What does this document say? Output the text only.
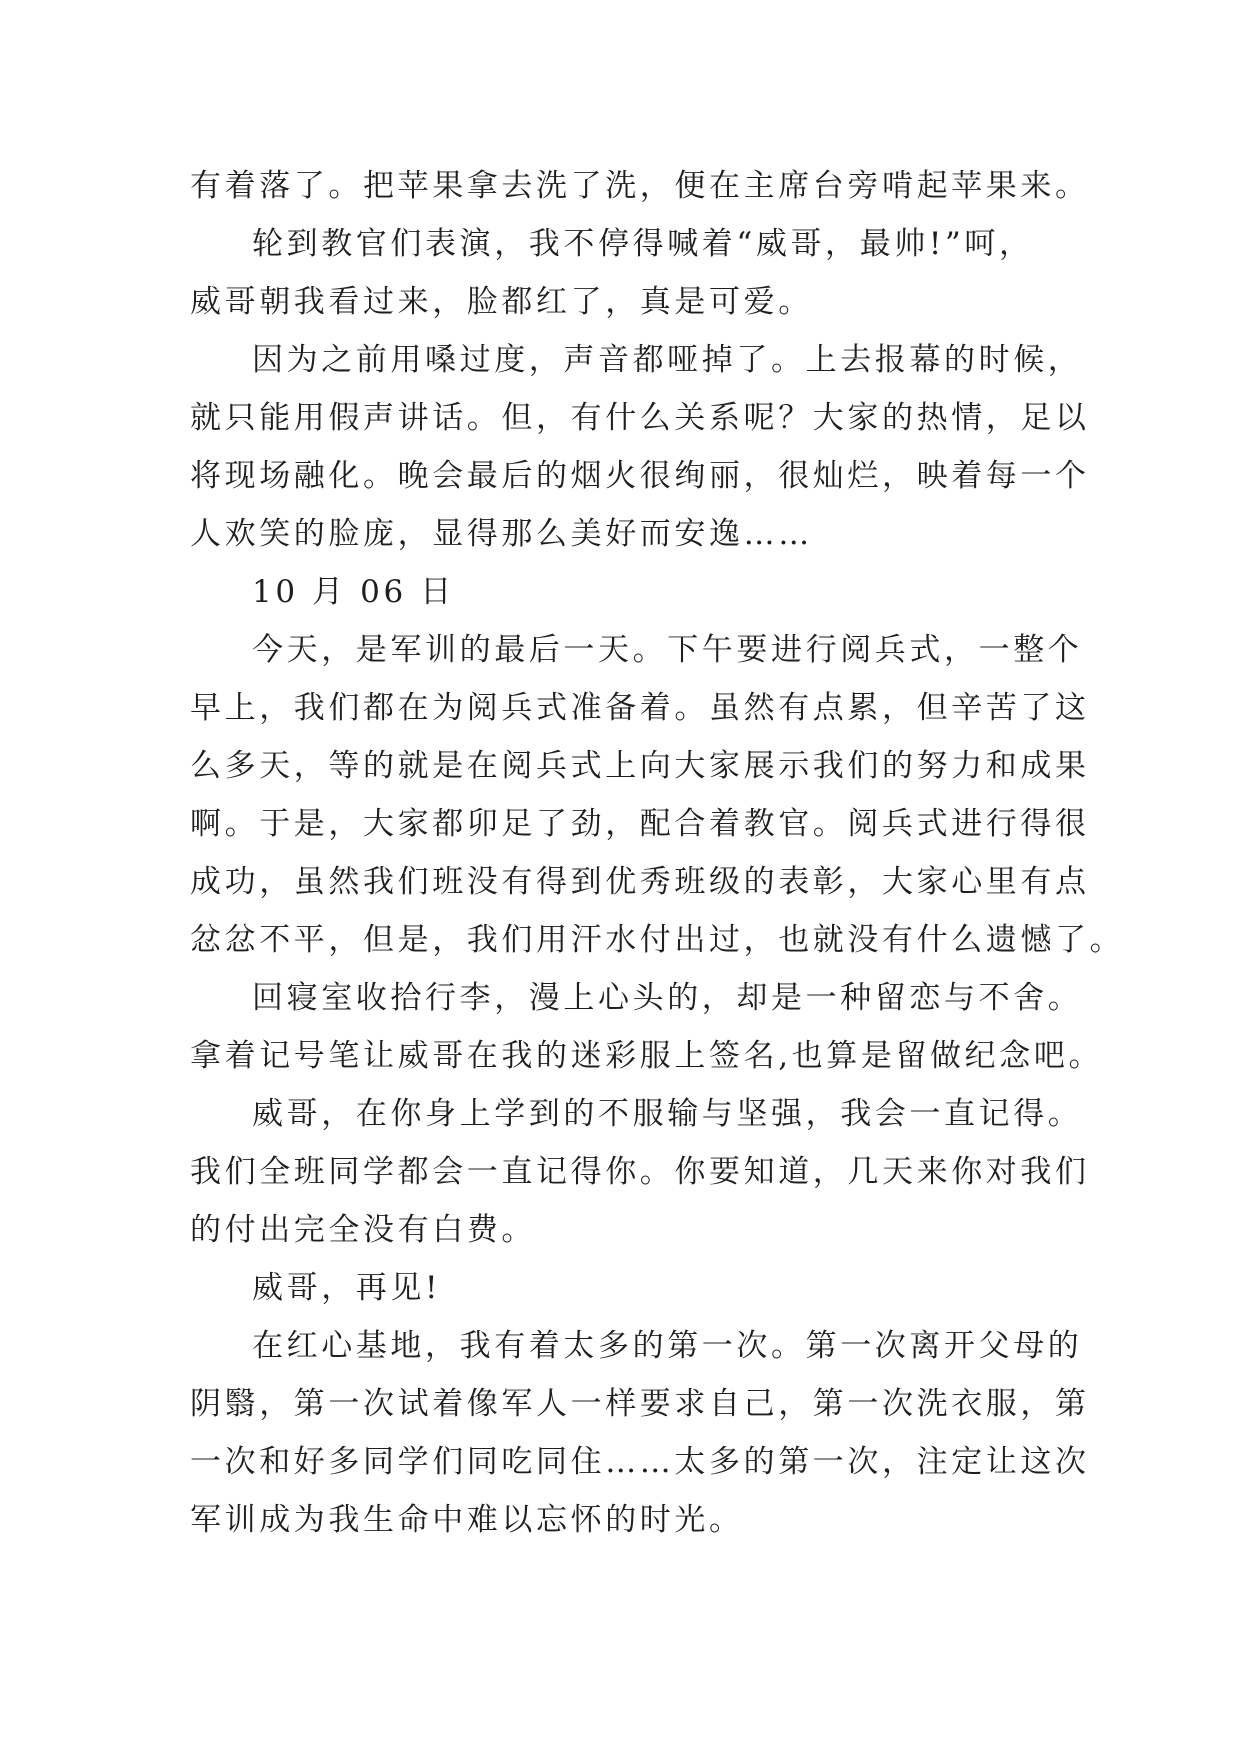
有着落了。把苹果拿去洗了洗，便在主席台旁啃起苹果来。

轮到教官们表演，我不停得喊着“威哥，最帅!”呵，

威哥朝我看过来，脸都红了，真是可爱。

因为之前用嗓过度，声音都哑掉了。上去报幕的时候，

就只能用假声讲话。但，有什么关系呢？大家的热情，足以

将现场融化。晚会最后的烟火很绚丽，很灿烂，映着每一个

人欢笑的脸庞，显得那么美好而安逸……

10 月 06 日

今天，是军训的最后一天。下午要进行阅兵式，一整个

早上，我们都在为阅兵式准备着。虽然有点累，但辛苦了这

么多天，等的就是在阅兵式上向大家展示我们的努力和成果

啊。于是，大家都卯足了劲，配合着教官。阅兵式进行得很

成功，虽然我们班没有得到优秀班级的表彰，大家心里有点

忿忿不平，但是，我们用汗水付出过，也就没有什么遗憾了。

回寝室收拾行李，漫上心头的，却是一种留恋与不舍。

拿着记号笔让威哥在我的迷彩服上签名,也算是留做纪念吧。

威哥，在你身上学到的不服输与坚强，我会一直记得。

我们全班同学都会一直记得你。你要知道，几天来你对我们

的付出完全没有白费。

威哥，再见!

在红心基地，我有着太多的第一次。第一次离开父母的

阴翳，第一次试着像军人一样要求自己，第一次洗衣服，第

一次和好多同学们同吃同住……太多的第一次，注定让这次

军训成为我生命中难以忘怀的时光。
